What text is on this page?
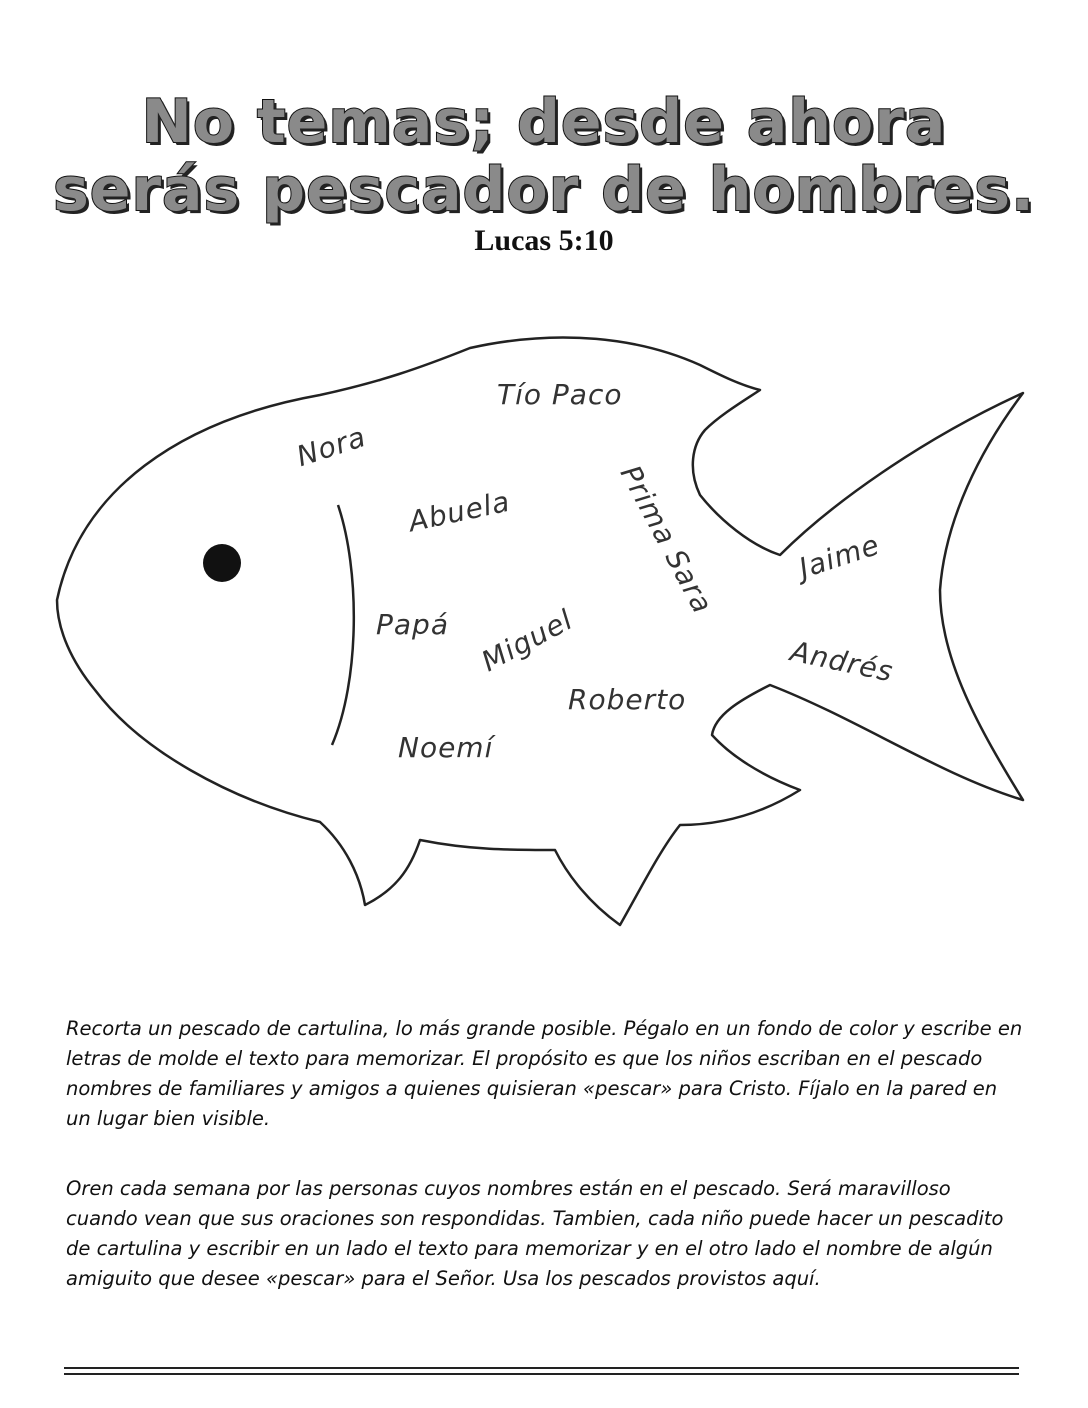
No temas; desde ahora
serás pescador de hombres.
Lucas 5:10
Nora
Tío Paco
Prima Sara
Abuela
Jaime
Papá Miguel	Andrés
Roberto
Noemí

Recorta un pescado de cartulina, lo más grande posible. Pégalo en un fondo de color y escribe en letras de molde el texto para memorizar. El propósito es que los niños escriban en el pescado nombres de familiares y amigos a quienes quisieran «pescar» para Cristo. Fíjalo en la pared en un lugar bien visible.

Oren cada semana por las personas cuyos nombres están en el pescado. Será maravilloso cuando vean que sus oraciones son respondidas. Tambien, cada niño puede hacer un pescadito de cartulina y escribir en un lado el texto para memorizar y en el otro lado el nombre de algún amiguito que desee «pescar» para el Señor. Usa los pescados provistos aquí.
